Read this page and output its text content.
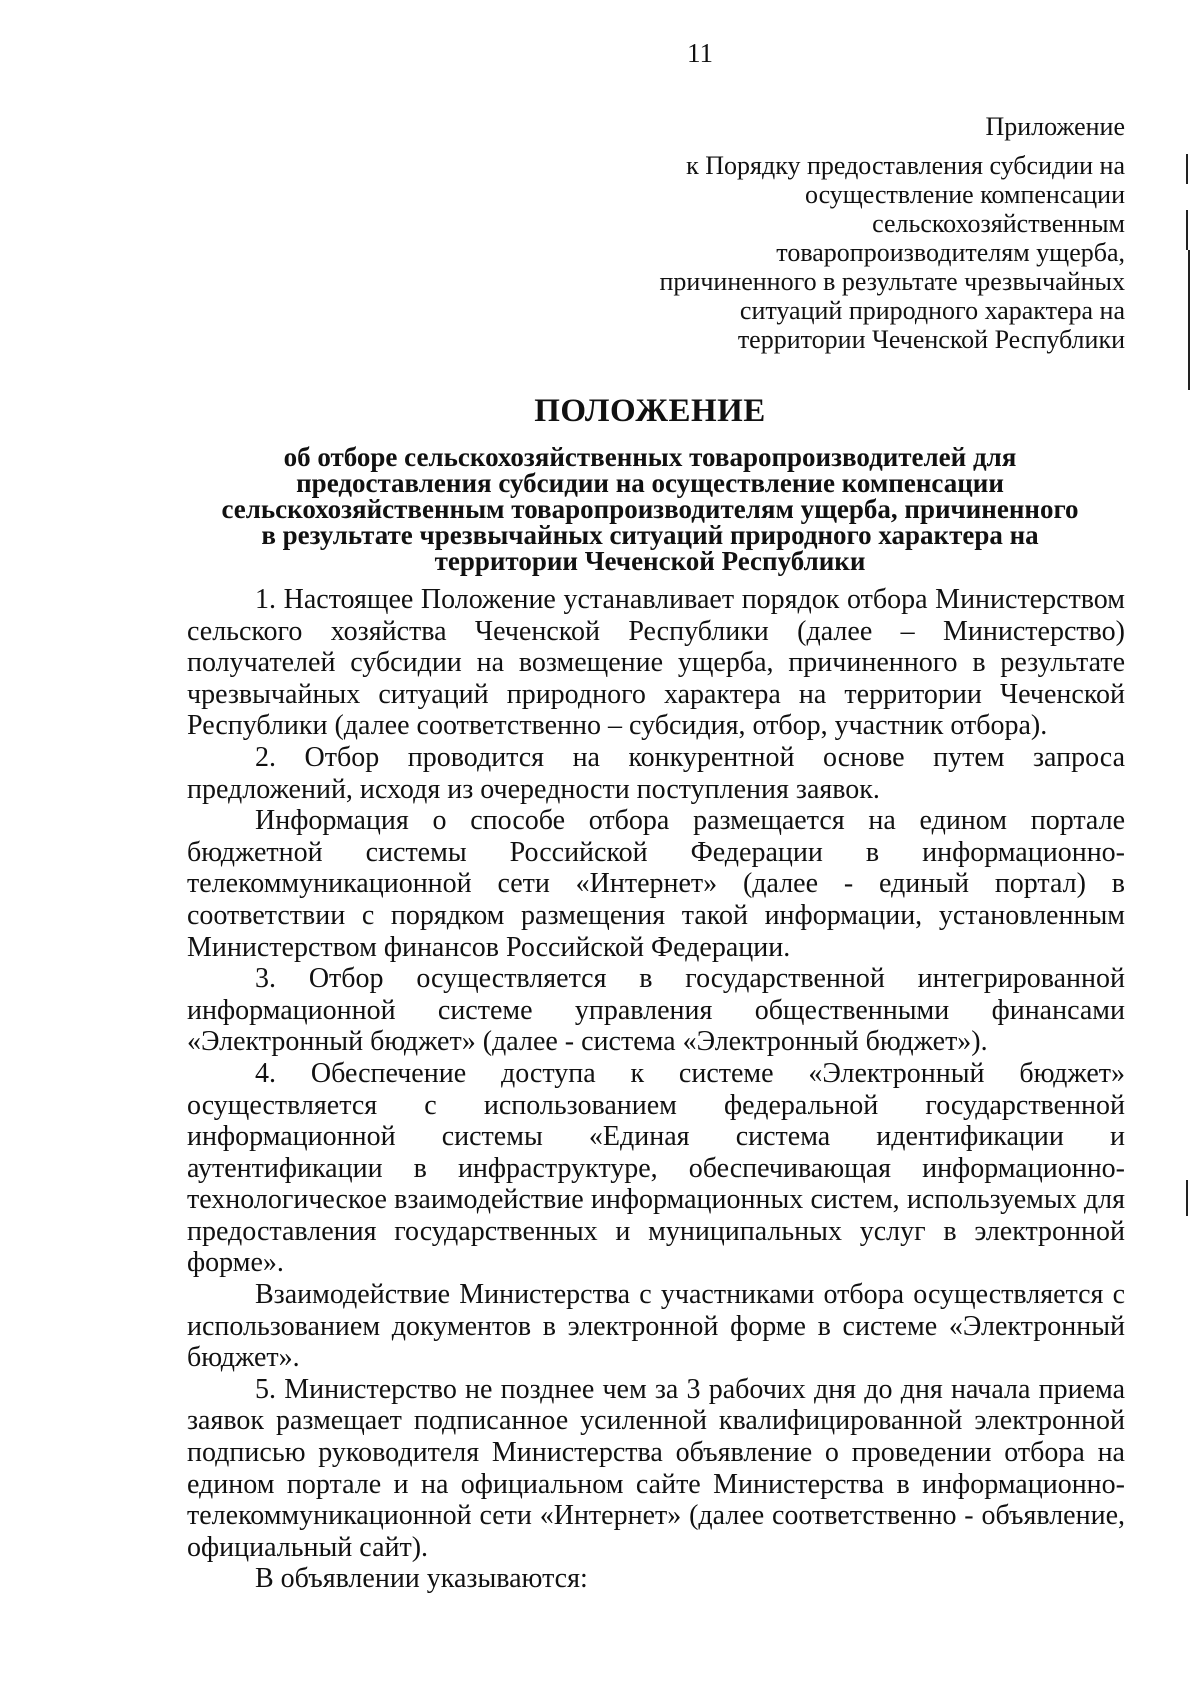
11
Приложение
к Порядку предоставления субсидии на
осуществление компенсации
сельскохозяйственным
товаропроизводителям ущерба,
причиненного в результате чрезвычайных
ситуаций природного характера на
территории Чеченской Республики
ПОЛОЖЕНИЕ
об отборе сельскохозяйственных товаропроизводителей для
предоставления субсидии на осуществление компенсации
сельскохозяйственным товаропроизводителям ущерба, причиненного
в результате чрезвычайных ситуаций природного характера на
территории Чеченской Республики

1. Настоящее Положение устанавливает порядок отбора Министерством сельского хозяйства Чеченской Республики (далее – Министерство) получателей субсидии на возмещение ущерба, причиненного в результате чрезвычайных ситуаций природного характера на территории Чеченской Республики (далее соответственно – субсидия, отбор, участник отбора).

2. Отбор проводится на конкурентной основе путем запроса предложений, исходя из очередности поступления заявок.

Информация о способе отбора размещается на едином портале бюджетной системы Российской Федерации в информационно-телекоммуникационной сети «Интернет» (далее - единый портал) в соответствии с порядком размещения такой информации, установленным Министерством финансов Российской Федерации.

3. Отбор осуществляется в государственной интегрированной информационной системе управления общественными финансами «Электронный бюджет» (далее - система «Электронный бюджет»).

4. Обеспечение доступа к системе «Электронный бюджет» осуществляется с использованием федеральной государственной информационной системы «Единая система идентификации и аутентификации в инфраструктуре, обеспечивающая информационно-технологическое взаимодействие информационных систем, используемых для предоставления государственных и муниципальных услуг в электронной форме».

Взаимодействие Министерства с участниками отбора осуществляется с использованием документов в электронной форме в системе «Электронный бюджет».

5. Министерство не позднее чем за 3 рабочих дня до дня начала приема заявок размещает подписанное усиленной квалифицированной электронной подписью руководителя Министерства объявление о проведении отбора на едином портале и на официальном сайте Министерства в информационно-телекоммуникационной сети «Интернет» (далее соответственно - объявление, официальный сайт).

В объявлении указываются:
